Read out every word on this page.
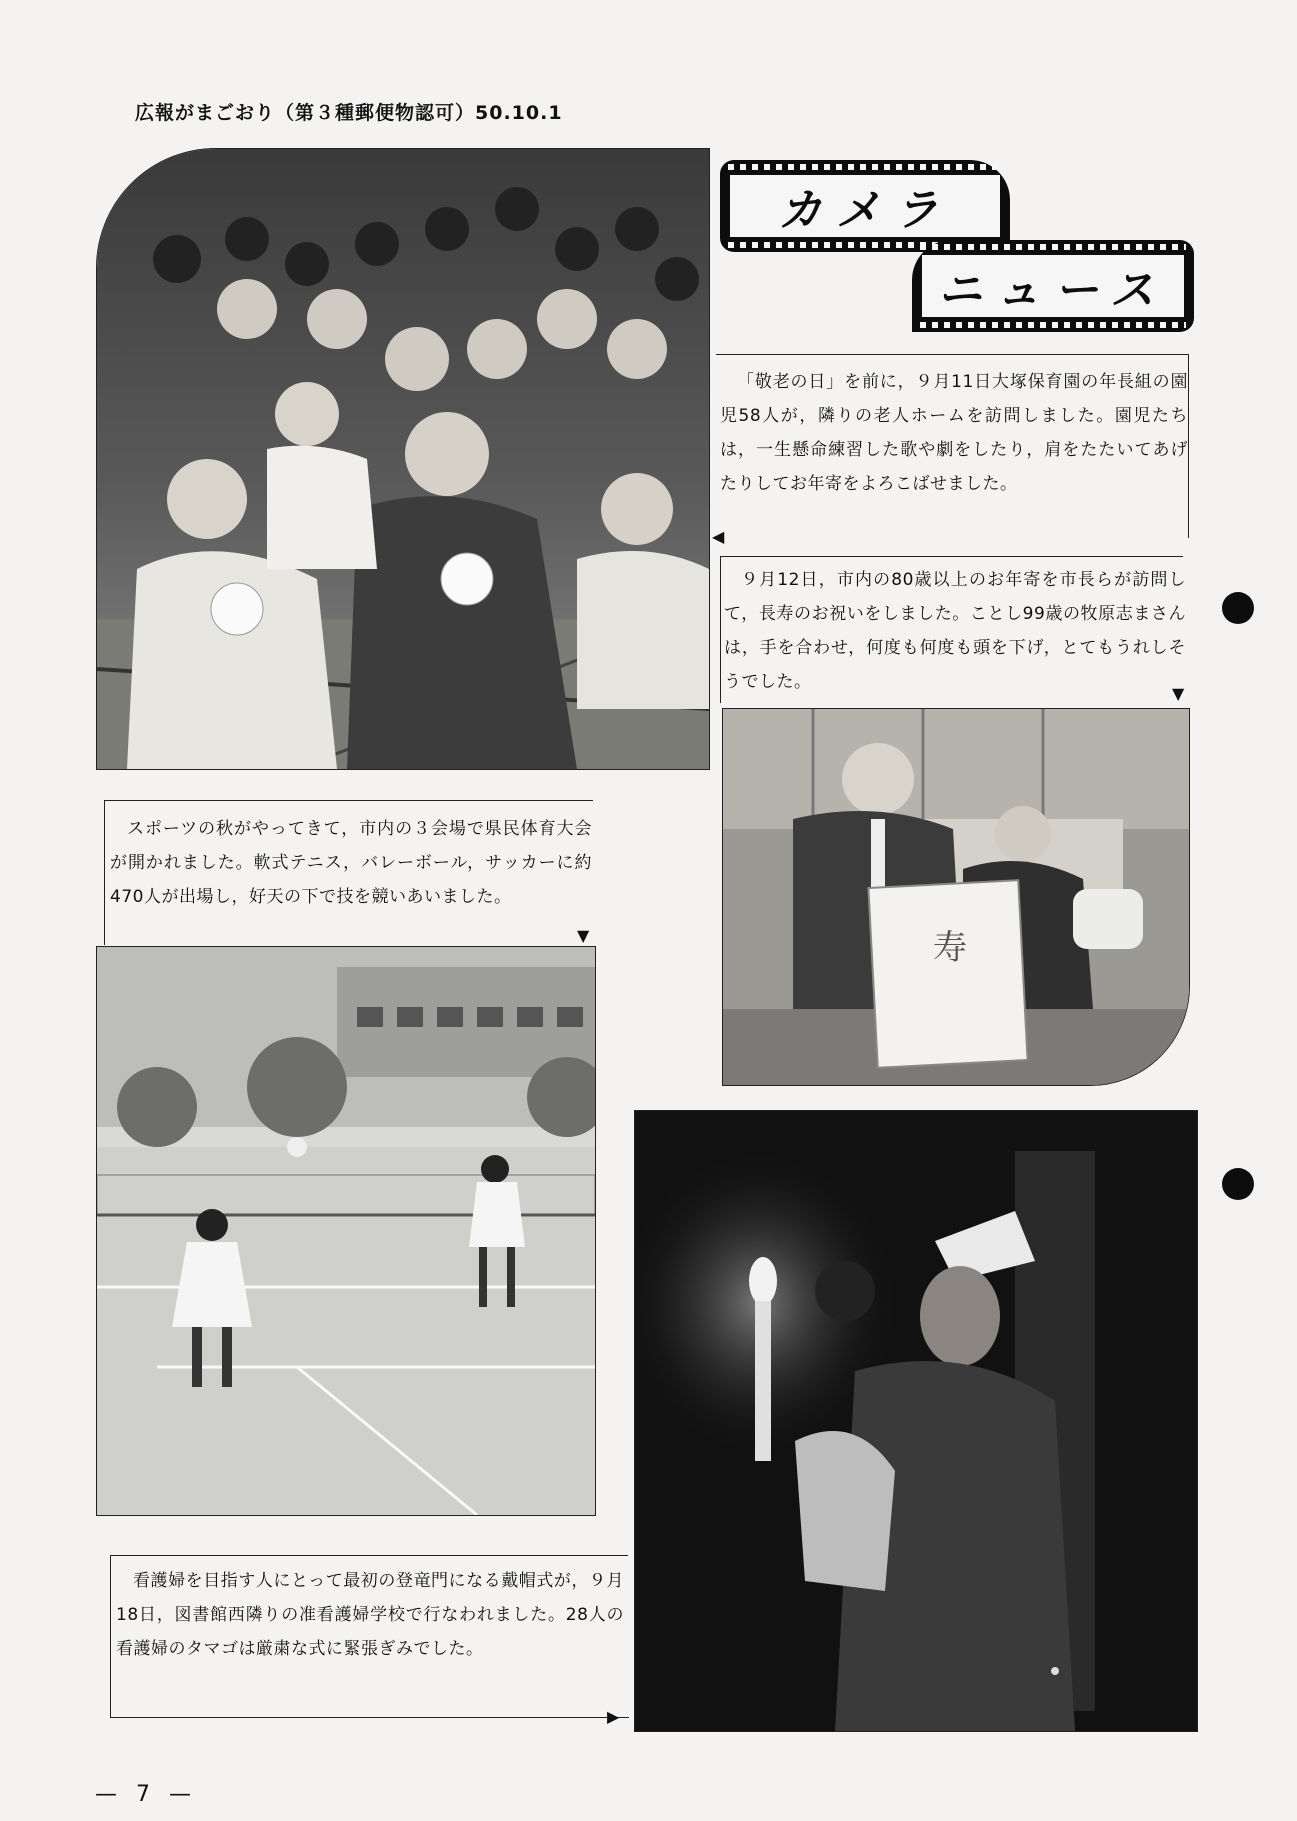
広報がまごおり（第３種郵便物認可）50.10.1
カメラ
ニュース
「敬老の日」を前に，９月11日大塚保育園の年長組の園児58人が，隣りの老人ホームを訪問しました。園児たちは，一生懸命練習した歌や劇をしたり，肩をたたいてあげたりしてお年寄をよろこばせました。
◀
９月12日，市内の80歳以上のお年寄を市長らが訪問して，長寿のお祝いをしました。ことし99歳の牧原志まさんは，手を合わせ，何度も何度も頭を下げ，とてもうれしそうでした。
▼
寿
スポーツの秋がやってきて，市内の３会場で県民体育大会が開かれました。軟式テニス，バレーボール，サッカーに約470人が出場し，好天の下で技を競いあいました。
▼
看護婦を目指す人にとって最初の登竜門になる戴帽式が，９月18日，図書館西隣りの准看護婦学校で行なわれました。28人の看護婦のタマゴは厳粛な式に緊張ぎみでした。
▶
— 7 —
